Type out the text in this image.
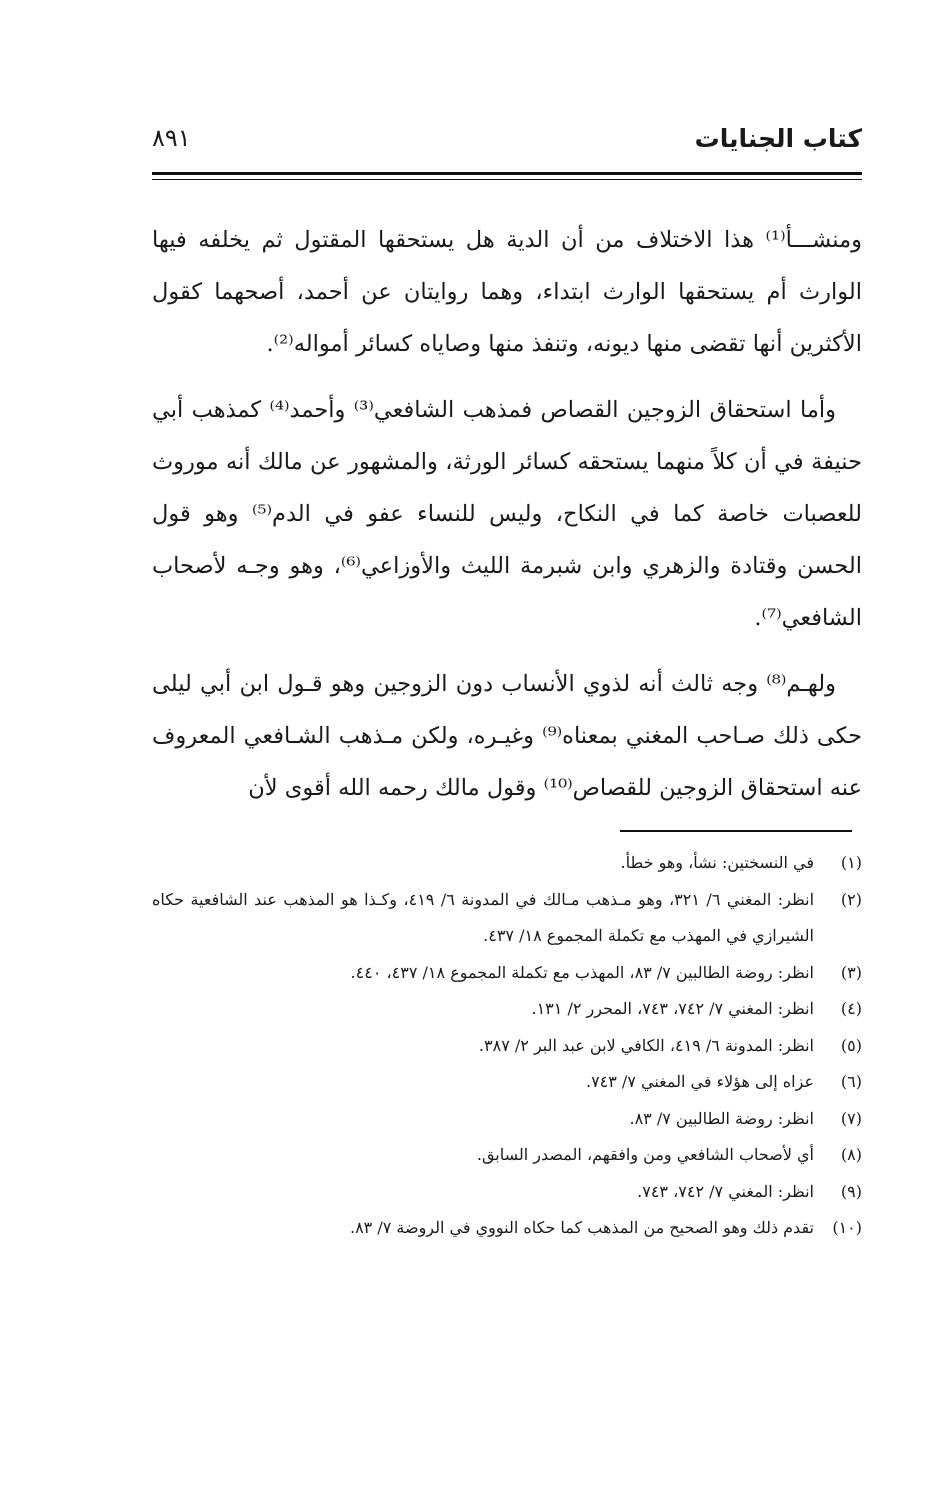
كتاب الجنايات
٨٩١

ومنشـــأ⁽¹⁾ هذا الاختلاف من أن الدية هل يستحقها المقتول ثم يخلفه فيها الوارث أم يستحقها الوارث ابتداء، وهما روايتان عن أحمد، أصحهما كقول الأكثرين أنها تقضى منها ديونه، وتنفذ منها وصاياه كسائر أمواله⁽²⁾.

وأما استحقاق الزوجين القصاص فمذهب الشافعي⁽³⁾ وأحمد⁽⁴⁾ كمذهب أبي حنيفة في أن كلاً منهما يستحقه كسائر الورثة، والمشهور عن مالك أنه موروث للعصبات خاصة كما في النكاح، وليس للنساء عفو في الدم⁽⁵⁾ وهو قول الحسن وقتادة والزهري وابن شبرمة الليث والأوزاعي⁽⁶⁾، وهو وجـه لأصحاب الشافعي⁽⁷⁾.

ولهـم⁽⁸⁾ وجه ثالث أنه لذوي الأنساب دون الزوجين وهو قـول ابن أبي ليلى حكى ذلك صـاحب المغني بمعناه⁽⁹⁾ وغيـره، ولكن مـذهب الشـافعي المعروف عنه استحقاق الزوجين للقصاص⁽¹⁰⁾ وقول مالك رحمه الله أقوى لأن

(١)
في النسختين: نشأ، وهو خطأ.
(٢)
انظر: المغني ٦/ ٣٢١، وهو مـذهب مـالك في المدونة ٦/ ٤١٩، وكـذا هو المذهب عند الشافعية حكاه الشيرازي في المهذب مع تكملة المجموع ١٨/ ٤٣٧.
(٣)
انظر: روضة الطالبين ٧/ ٨٣، المهذب مع تكملة المجموع ١٨/ ٤٣٧، ٤٤٠.
(٤)
انظر: المغني ٧/ ٧٤٢، ٧٤٣، المحرر ٢/ ١٣١.
(٥)
انظر: المدونة ٦/ ٤١٩، الكافي لابن عبد البر ٢/ ٣٨٧.
(٦)
عزاه إلى هؤلاء في المغني ٧/ ٧٤٣.
(٧)
انظر: روضة الطالبين ٧/ ٨٣.
(٨)
أي لأصحاب الشافعي ومن وافقهم، المصدر السابق.
(٩)
انظر: المغني ٧/ ٧٤٢، ٧٤٣.
(١٠)
تقدم ذلك وهو الصحيح من المذهب كما حكاه النووي في الروضة ٧/ ٨٣.
